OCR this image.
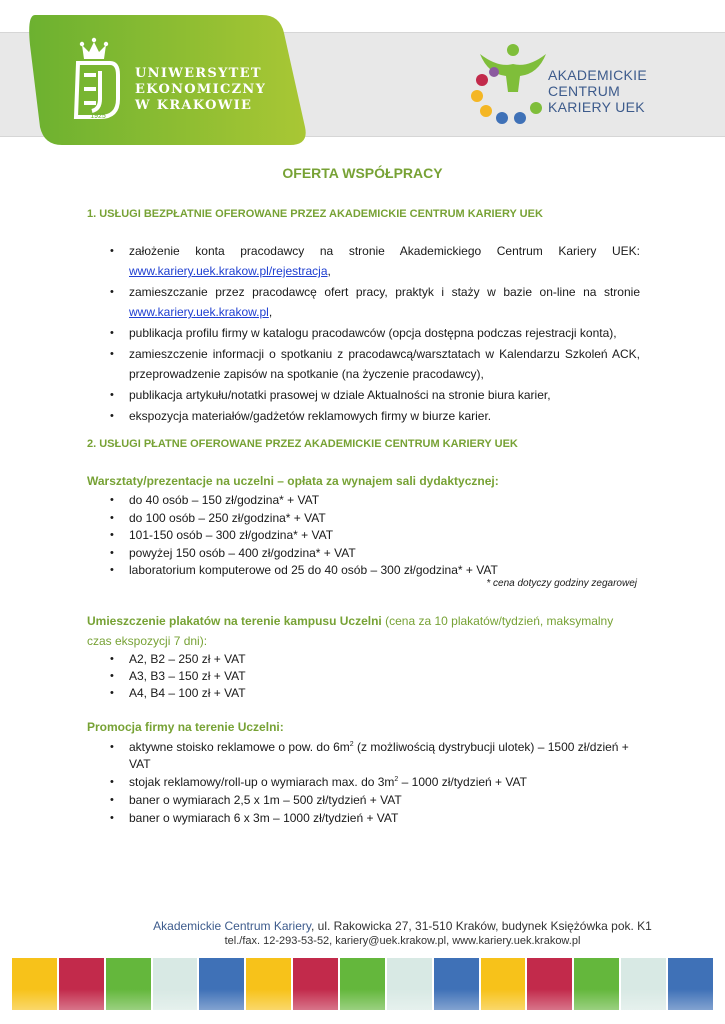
1925
UNIWERSYTET
EKONOMICZNY
W KRAKOWIE
AKADEMICKIE
CENTRUM
KARIERY UEK
OFERTA WSPÓŁPRACY
1. USŁUGI BEZPŁATNIE OFEROWANE PRZEZ AKADEMICKIE CENTRUM KARIERY UEK
• założenie konta pracodawcy na stronie Akademickiego Centrum Kariery UEK: www.kariery.uek.krakow.pl/rejestracja,
• zamieszczanie przez pracodawcę ofert pracy, praktyk i staży w bazie on-line na stronie www.kariery.uek.krakow.pl,
• publikacja profilu firmy w katalogu pracodawców (opcja dostępna podczas rejestracji konta),
• zamieszczenie informacji o spotkaniu z pracodawcą/warsztatach w Kalendarzu Szkoleń ACK, przeprowadzenie zapisów na spotkanie (na życzenie pracodawcy),
• publikacja artykułu/notatki prasowej w dziale Aktualności na stronie biura karier,
• ekspozycja materiałów/gadżetów reklamowych firmy w biurze karier.
2. USŁUGI PŁATNE OFEROWANE PRZEZ AKADEMICKIE CENTRUM KARIERY UEK
Warsztaty/prezentacje na uczelni – opłata za wynajem sali dydaktycznej:
• do 40 osób – 150 zł/godzina* + VAT
• do 100 osób – 250 zł/godzina* + VAT
• 101-150 osób – 300 zł/godzina* + VAT
• powyżej 150 osób – 400 zł/godzina* + VAT
• laboratorium komputerowe od 25 do 40 osób – 300 zł/godzina* + VAT
* cena dotyczy godziny zegarowej
Umieszczenie plakatów na terenie kampusu Uczelni (cena za 10 plakatów/tydzień, maksymalny czas ekspozycji 7 dni):
• A2, B2 – 250 zł + VAT
• A3, B3 – 150 zł + VAT
• A4, B4 – 100 zł + VAT
Promocja firmy na terenie Uczelni:
• aktywne stoisko reklamowe o pow. do $6m^2$ (z możliwością dystrybucji ulotek) – 1500 zł/dzień + VAT
• stojak reklamowy/roll-up o wymiarach max. do $3m^2 - 1000$ zł/tydzień + VAT
• baner o wymiarach 2,5 x 1m – 500 zł/tydzień + VAT
• baner o wymiarach 6 x 3m – 1000 zł/tydzień + VAT
Akademickie Centrum Kariery, ul. Rakowicka 27, 31-510 Kraków, budynek Księżówka pok. K1
tel./fax. 12-293-53-52, kariery@uek.krakow.pl, www.kariery.uek.krakow.pl
